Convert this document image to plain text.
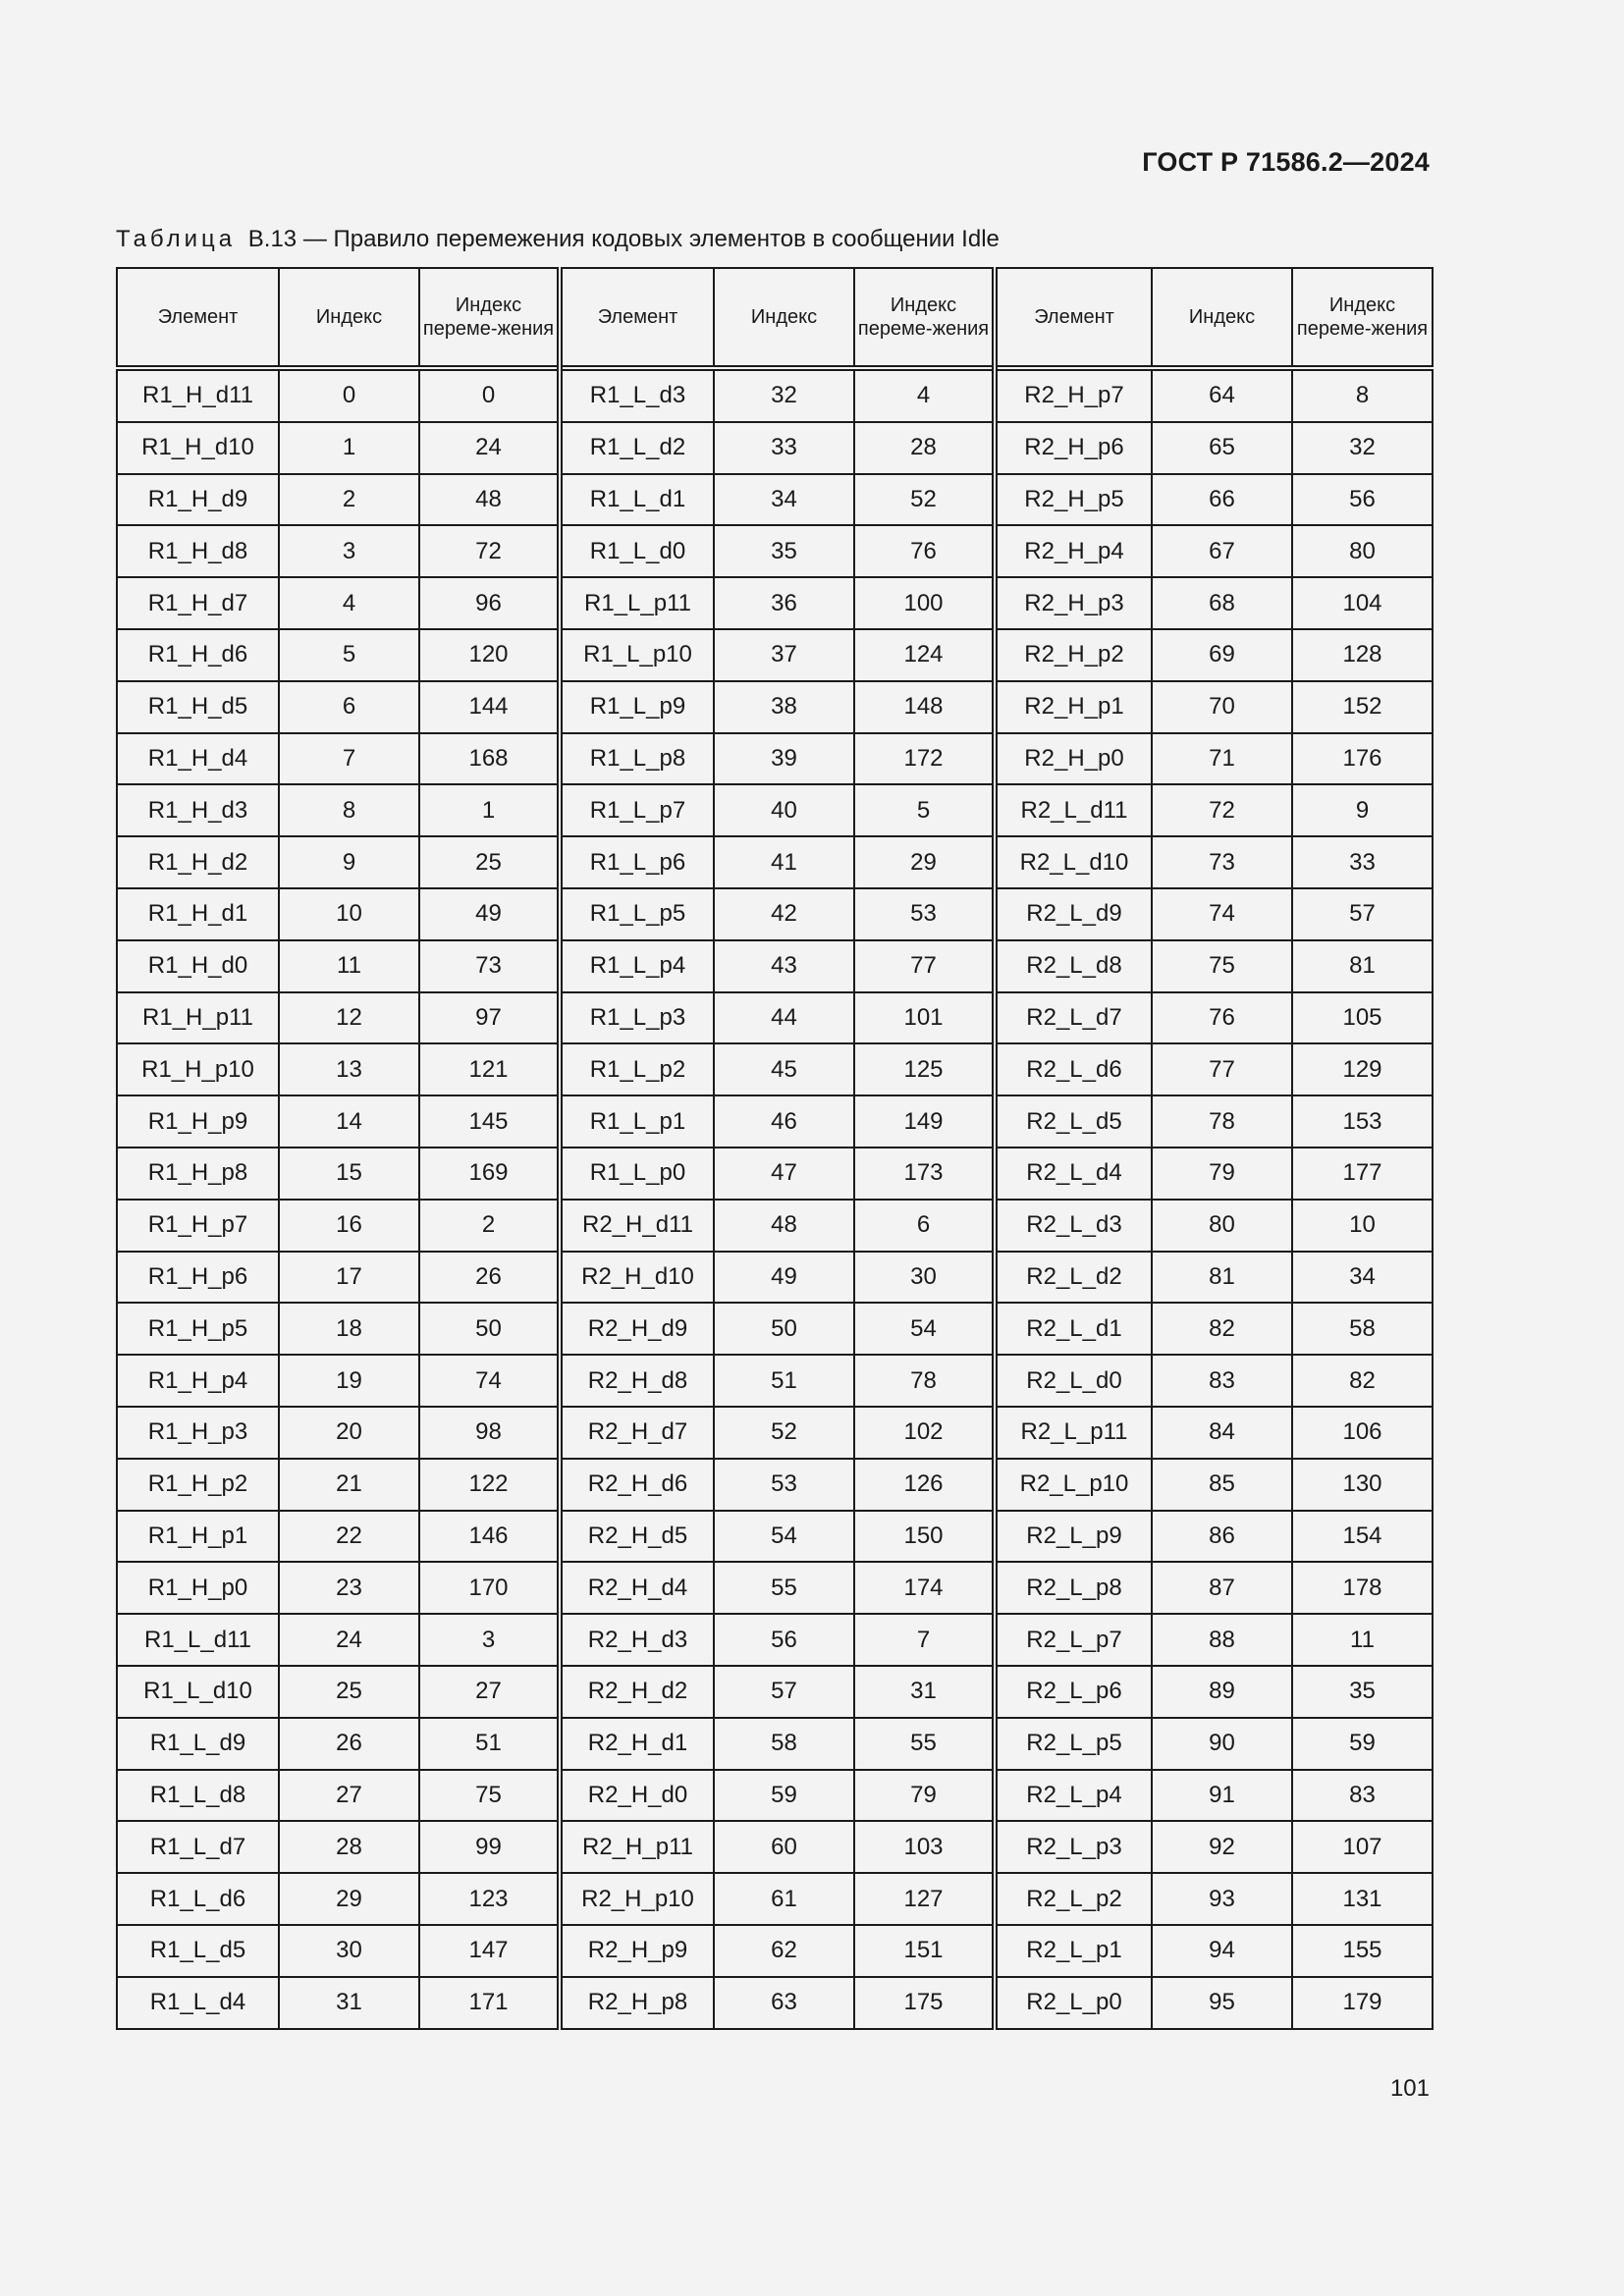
ГОСТ Р 71586.2—2024
Таблица В.13 — Правило перемежения кодовых элементов в сообщении Idle
Элемент	Индекс	Индекс переме-жения	Элемент	Индекс	Индекс переме-жения	Элемент	Индекс	Индекс переме-жения
R1_H_d11	0	0	R1_L_d3	32	4	R2_H_p7	64	8
R1_H_d10	1	24	R1_L_d2	33	28	R2_H_p6	65	32
R1_H_d9	2	48	R1_L_d1	34	52	R2_H_p5	66	56
R1_H_d8	3	72	R1_L_d0	35	76	R2_H_p4	67	80
R1_H_d7	4	96	R1_L_p11	36	100	R2_H_p3	68	104
R1_H_d6	5	120	R1_L_p10	37	124	R2_H_p2	69	128
R1_H_d5	6	144	R1_L_p9	38	148	R2_H_p1	70	152
R1_H_d4	7	168	R1_L_p8	39	172	R2_H_p0	71	176
R1_H_d3	8	1	R1_L_p7	40	5	R2_L_d11	72	9
R1_H_d2	9	25	R1_L_p6	41	29	R2_L_d10	73	33
R1_H_d1	10	49	R1_L_p5	42	53	R2_L_d9	74	57
R1_H_d0	11	73	R1_L_p4	43	77	R2_L_d8	75	81
R1_H_p11	12	97	R1_L_p3	44	101	R2_L_d7	76	105
R1_H_p10	13	121	R1_L_p2	45	125	R2_L_d6	77	129
R1_H_p9	14	145	R1_L_p1	46	149	R2_L_d5	78	153
R1_H_p8	15	169	R1_L_p0	47	173	R2_L_d4	79	177
R1_H_p7	16	2	R2_H_d11	48	6	R2_L_d3	80	10
R1_H_p6	17	26	R2_H_d10	49	30	R2_L_d2	81	34
R1_H_p5	18	50	R2_H_d9	50	54	R2_L_d1	82	58
R1_H_p4	19	74	R2_H_d8	51	78	R2_L_d0	83	82
R1_H_p3	20	98	R2_H_d7	52	102	R2_L_p11	84	106
R1_H_p2	21	122	R2_H_d6	53	126	R2_L_p10	85	130
R1_H_p1	22	146	R2_H_d5	54	150	R2_L_p9	86	154
R1_H_p0	23	170	R2_H_d4	55	174	R2_L_p8	87	178
R1_L_d11	24	3	R2_H_d3	56	7	R2_L_p7	88	11
R1_L_d10	25	27	R2_H_d2	57	31	R2_L_p6	89	35
R1_L_d9	26	51	R2_H_d1	58	55	R2_L_p5	90	59
R1_L_d8	27	75	R2_H_d0	59	79	R2_L_p4	91	83
R1_L_d7	28	99	R2_H_p11	60	103	R2_L_p3	92	107
R1_L_d6	29	123	R2_H_p10	61	127	R2_L_p2	93	131
R1_L_d5	30	147	R2_H_p9	62	151	R2_L_p1	94	155
R1_L_d4	31	171	R2_H_p8	63	175	R2_L_p0	95	179
101
